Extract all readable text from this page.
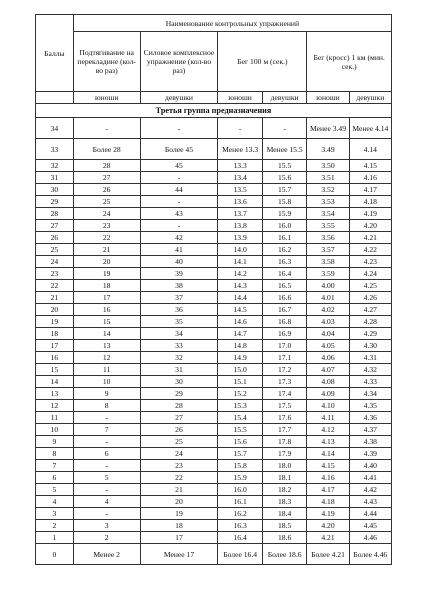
Баллы	Наименование контрольных упражнений					

	Подтягивание на перекладине (кол-во раз)	Силовое комплексное упражнение (кол-во раз)	Бег 100 м (сек.)		Бег (кросс) 1 км (мин. сек.)	
	юноши	девушки	юноши	девушки	юноши	девушки
Третья группа предназначения						
34	-	-	-	-	Менее 3.49	Менее 4.14
33	Более 28	Более 45	Менее 13.3	Менее 15.5	3.49	4.14
32	28	45	13.3	15.5	3.50	4.15
31	27	-	13.4	15.6	3.51	4.16
30	26	44	13.5	15.7	3.52	4.17
29	25	-	13.6	15.8	3.53	4.18
28	24	43	13.7	15.9	3.54	4.19
27	23	-	13.8	16.0	3.55	4.20
26	22	42	13.9	16.1	3.56	4.21
25	21	41	14.0	16.2	3.57	4.22
24	20	40	14.1	16.3	3.58	4.23
23	19	39	14.2	16.4	3.59	4.24
22	18	38	14.3	16.5	4.00	4.25
21	17	37	14.4	16.6	4.01	4.26
20	16	36	14.5	16.7	4.02	4.27
19	15	35	14.6	16.8	4.03	4.28
18	14	34	14.7	16.9	4.04	4.29
17	13	33	14.8	17.0	4.05	4.30
16	12	32	14.9	17.1	4.06	4.31
15	11	31	15.0	17.2	4.07	4.32
14	10	30	15.1	17.3	4.08	4.33
13	9	29	15.2	17.4	4.09	4.34
12	8	28	15.3	17.5	4.10	4.35
11	-	27	15.4	17.6	4.11	4.36
10	7	26	15.5	17.7	4.12	4.37
9	-	25	15.6	17.8	4.13	4.38
8	6	24	15.7	17.9	4.14	4.39
7	-	23	15.8	18.0	4.15	4.40
6	5	22	15.9	18.1	4.16	4.41
5	-	21	16.0	18.2	4.17	4.42
4	4	20	16.1	18.3	4.18	4.43
3	-	19	16.2	18.4	4.19	4.44
2	3	18	16.3	18.5	4.20	4.45
1	2	17	16.4	18.6	4.21	4.46
0	Менее 2	Менее 17	Более 16.4	Более 18.6	Более 4.21	Более 4.46
